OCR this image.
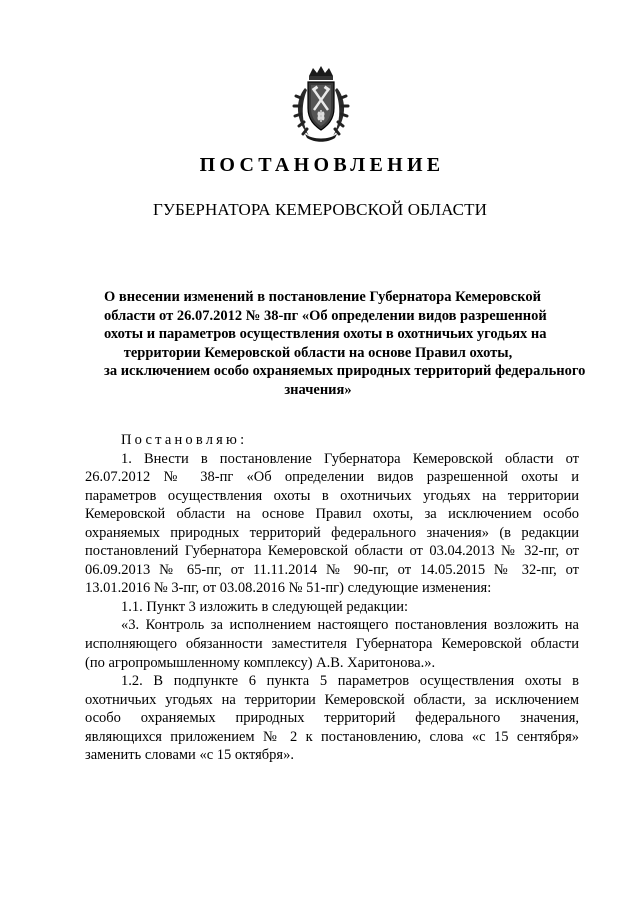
ПОСТАНОВЛЕНИЕ
ГУБЕРНАТОРА КЕМЕРОВСКОЙ ОБЛАСТИ
О внесении изменений в постановление Губернатора Кемеровской
области от 26.07.2012 № 38-пг «Об определении видов разрешенной
охоты и параметров осуществления охоты в охотничьих угодьях на
территории Кемеровской области на основе Правил охоты,
за исключением особо охраняемых природных территорий федерального
значения»
Постановляю:
1. Внести в постановление Губернатора Кемеровской области от
26.07.2012 № 38-пг «Об определении видов разрешенной охоты и
параметров осуществления охоты в охотничьих угодьях на территории
Кемеровской области на основе Правил охоты, за исключением особо
охраняемых природных территорий федерального значения» (в редакции
постановлений Губернатора Кемеровской области от 03.04.2013 № 32-пг, от
06.09.2013 № 65-пг, от 11.11.2014 № 90-пг, от 14.05.2015 № 32-пг, от
13.01.2016 № 3-пг, от 03.08.2016 № 51-пг) следующие изменения:
1.1. Пункт 3 изложить в следующей редакции:
«3. Контроль за исполнением настоящего постановления возложить на
исполняющего обязанности заместителя Губернатора Кемеровской области
(по агропромышленному комплексу) А.В. Харитонова.».
1.2. В подпункте 6 пункта 5 параметров осуществления охоты в
охотничьих угодьях на территории Кемеровской области, за исключением
особо охраняемых природных территорий федерального значения,
являющихся приложением № 2 к постановлению, слова «с 15 сентября»
заменить словами «с 15 октября».
